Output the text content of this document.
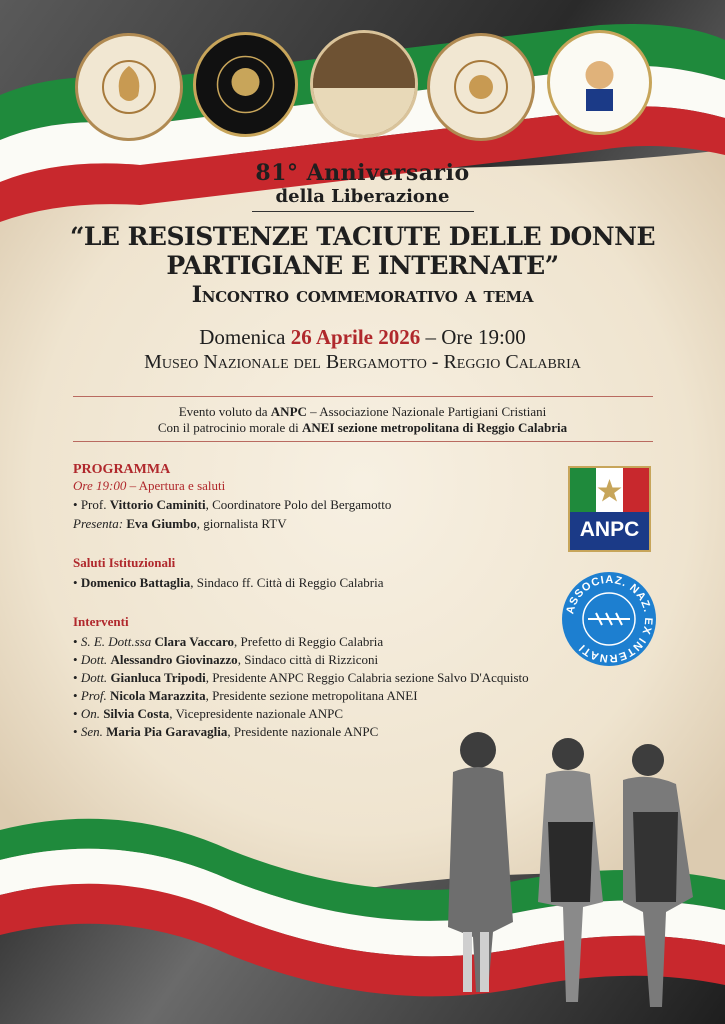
81° Anniversario
della Liberazione
“LE RESISTENZE TACIUTE DELLE DONNE
PARTIGIANE E INTERNATE”
Incontro commemorativo a tema
Domenica 26 Aprile 2026 – Ore 19:00
Museo Nazionale del Bergamotto - Reggio Calabria
Evento voluto da ANPC – Associazione Nazionale Partigiani Cristiani
Con il patrocinio morale di ANEI sezione metropolitana di Reggio Calabria
PROGRAMMA
Ore 19:00 – Apertura e saluti
• Prof. Vittorio Caminiti, Coordinatore Polo del Bergamotto
Presenta: Eva Giumbo, giornalista RTV
Saluti Istituzionali
• Domenico Battaglia, Sindaco ff. Città di Reggio Calabria
Interventi
• S. E. Dott.ssa Clara Vaccaro, Prefetto di Reggio Calabria
• Dott. Alessandro Giovinazzo, Sindaco città di Rizziconi
• Dott. Gianluca Tripodi, Presidente ANPC Reggio Calabria sezione Salvo D'Acquisto
• Prof. Nicola Marazzita, Presidente sezione metropolitana ANEI
• On. Silvia Costa, Vicepresidente nazionale ANPC
• Sen. Maria Pia Garavaglia, Presidente nazionale ANPC
ANPC
ASSOCIAZ. NAZ. EX INTERNATI
